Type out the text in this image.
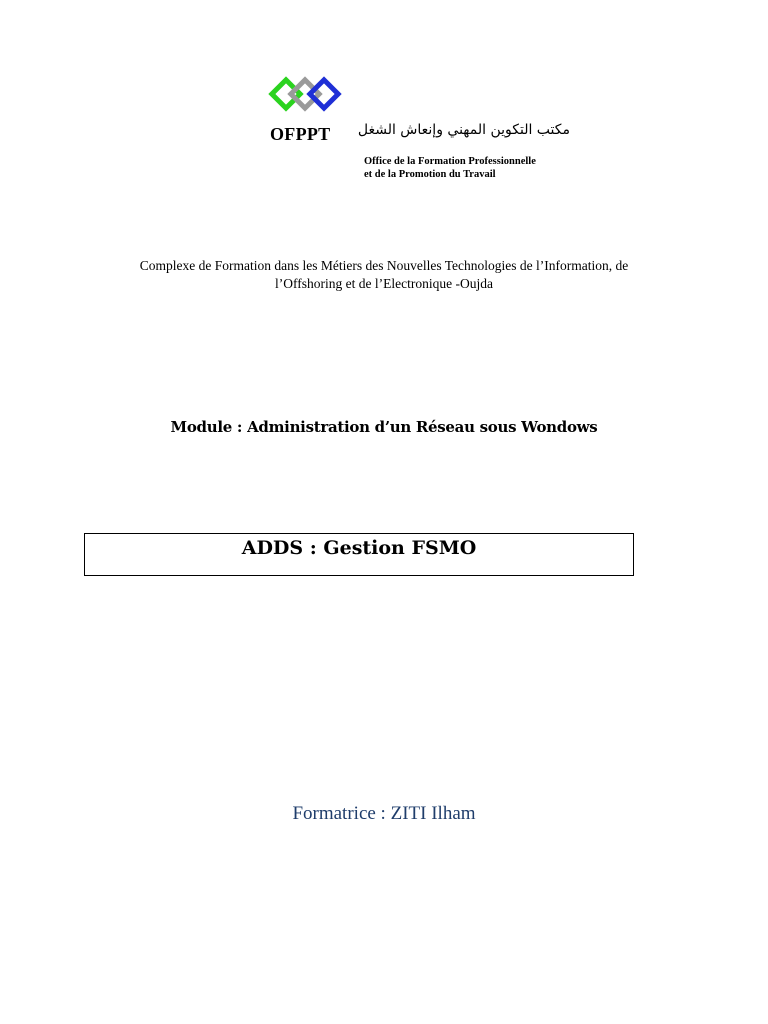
OFPPT مكتب التكوين المهني وإنعاش الشغل
Office de la Formation Professionnelle
et de la Promotion du Travail
Complexe de Formation dans les Métiers des Nouvelles Technologies de l’Information, de
l’Offshoring et de l’Electronique -Oujda
Module : Administration d’un Réseau sous Wondows
ADDS : Gestion FSMO
Formatrice : ZITI Ilham
